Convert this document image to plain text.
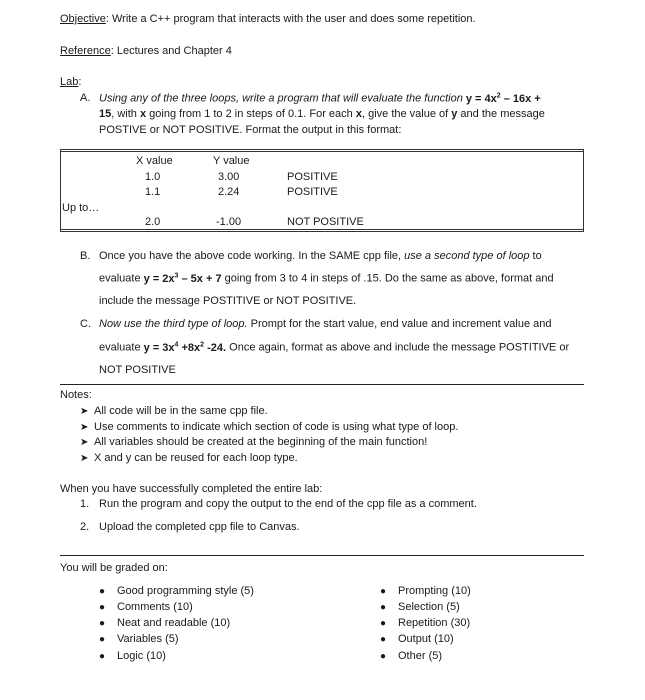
Objective: Write a C++ program that interacts with the user and does some repetition.
Reference: Lectures and Chapter 4
Lab:
A. Using any of the three loops, write a program that will evaluate the function $y = 4x^2 - 16x$ +
15, with x going from 1 to 2 in steps of 0.1. For each x, give the value of y and the message
POSTIVE or NOT POSITIVE. Format the output in this format:
X value	Y value
1.0	3.00	POSITIVE
1.1	2.24	POSITIVE
Up to…
2.0	-1.00	NOT POSITIVE
B. Once you have the above code working. In the SAME cpp file, use a second type of loop to
evaluate $y = 2x^3 - 5x + 7$ going from 3 to 4 in steps of .15. Do the same as above, format and
include the message POSTITIVE or NOT POSITIVE.
C. Now use the third type of loop. Prompt for the start value, end value and increment value and
evaluate $y = 3x^4 +8x^2$ -24. Once again, format as above and include the message POSTITIVE or
NOT POSITIVE
Notes:
➤ All code will be in the same cpp file.
➤ Use comments to indicate which section of code is using what type of loop.
➤ All variables should be created at the beginning of the main function!
➤ X and y can be reused for each loop type.
When you have successfully completed the entire lab:
1. Run the program and copy the output to the end of the cpp file as a comment.
2. Upload the completed cpp file to Canvas.
You will be graded on:
● Good programming style (5)
● Comments (10)
● Neat and readable (10)
● Variables (5)
● Logic (10)
● Prompting (10)
● Selection (5)
● Repetition (30)
● Output (10)
● Other (5)
